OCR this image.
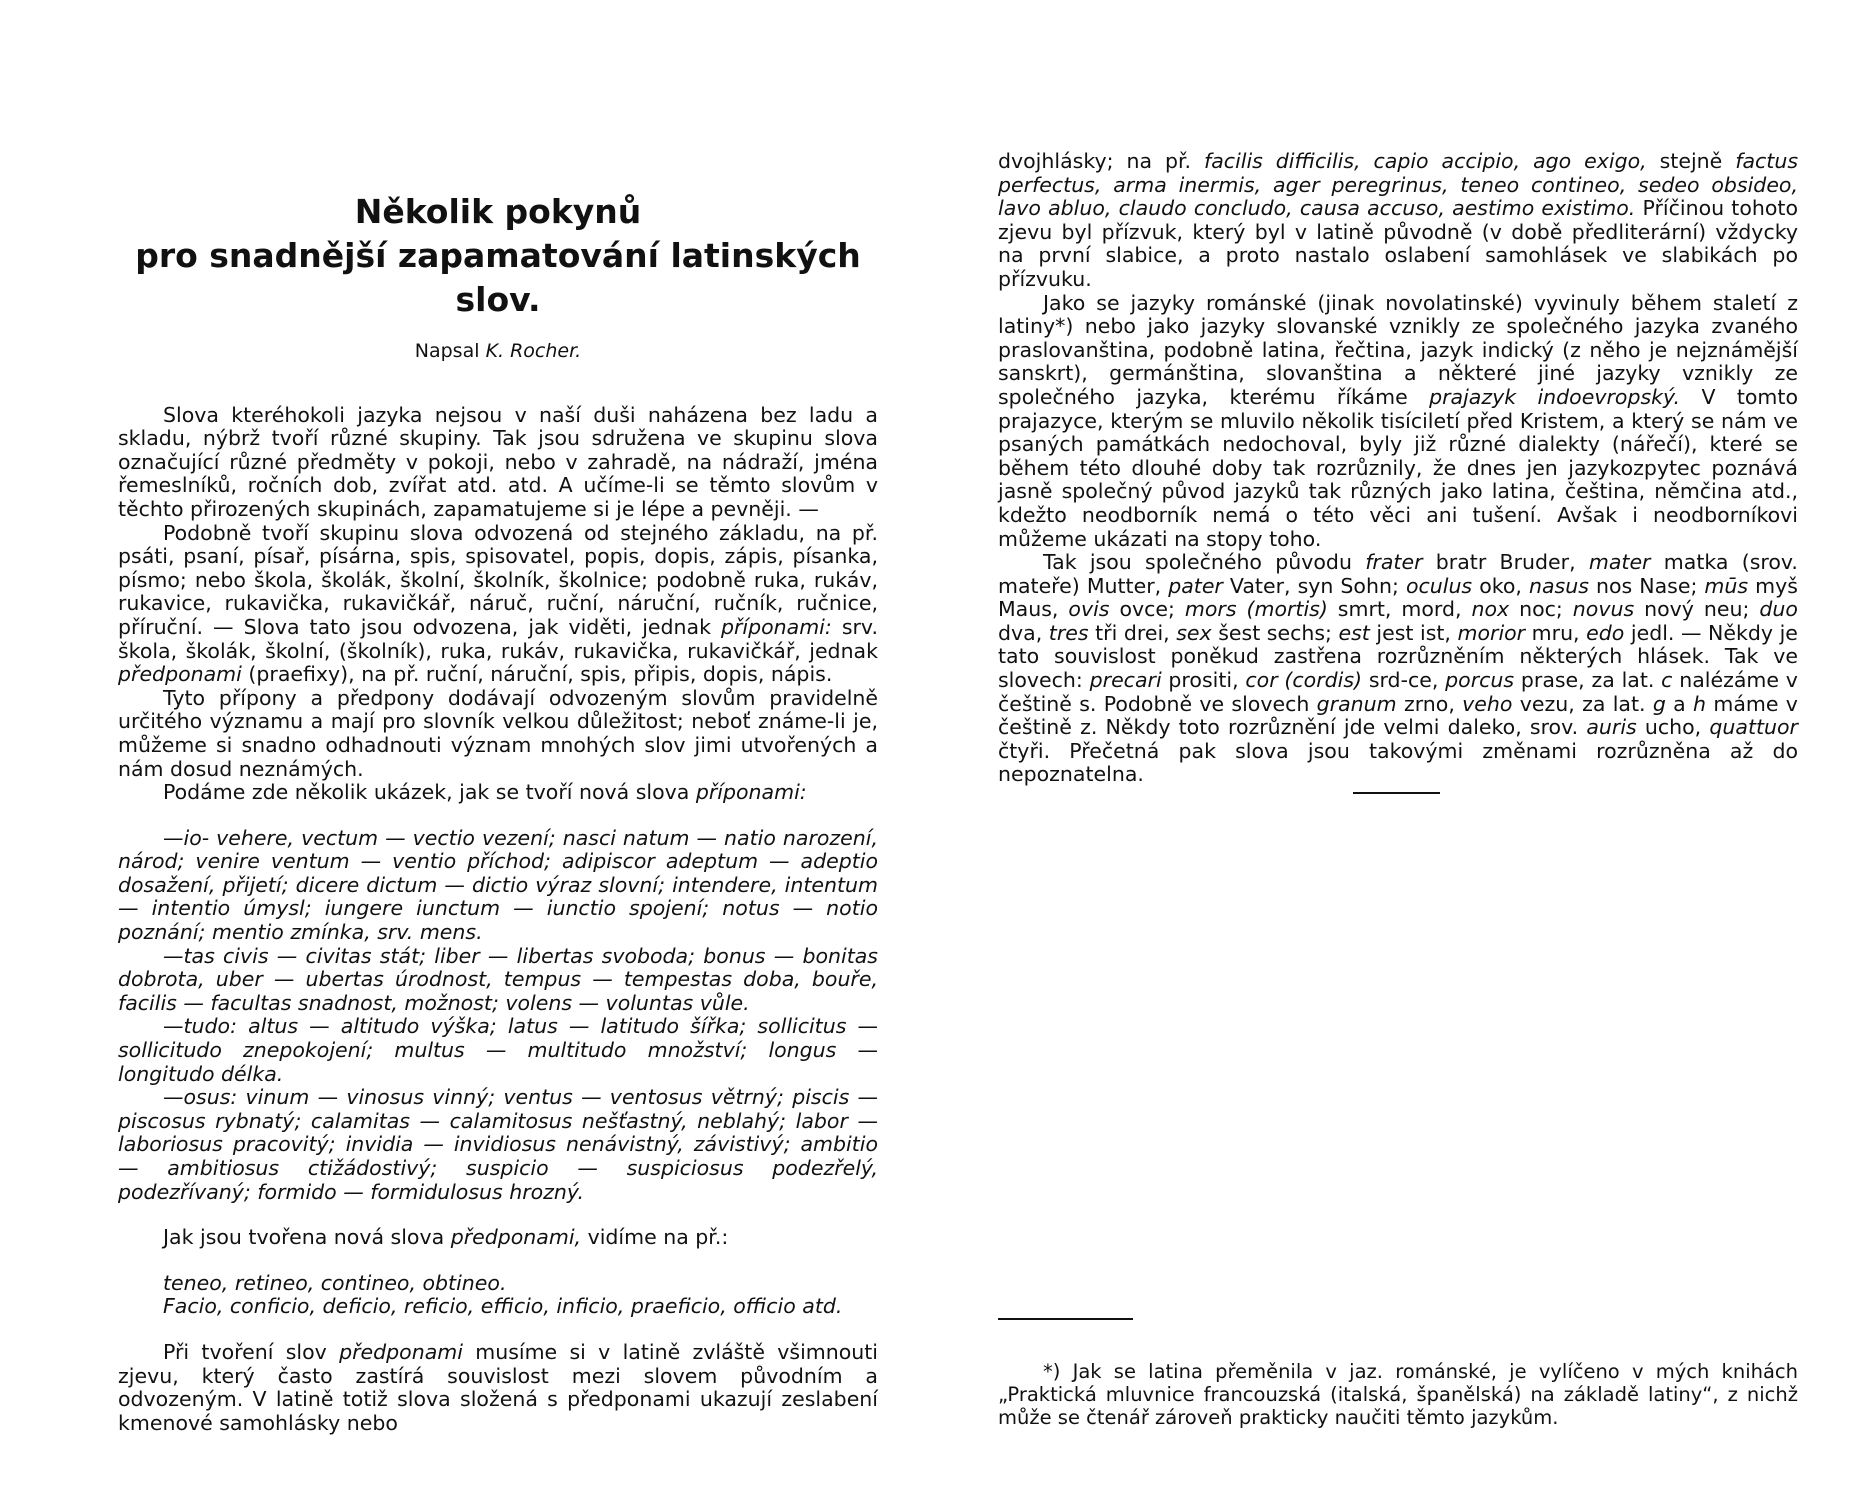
Několik pokynů
pro snadnější zapamatování latinských slov.
Napsal K. Rocher.

Slova kteréhokoli jazyka nejsou v naší duši naházena bez ladu a skladu, nýbrž tvoří různé skupiny. Tak jsou sdružena ve skupinu slova označující různé předměty v pokoji, nebo v zahradě, na nádraží, jména řemeslníků, ročních dob, zvířat atd. atd. A učíme-li se těmto slovům v těchto přirozených skupinách, zapamatujeme si je lépe a pevněji. —

Podobně tvoří skupinu slova odvozená od stejného základu, na př. psáti, psaní, písař, písárna, spis, spisovatel, popis, dopis, zápis, písanka, písmo; nebo škola, školák, školní, školník, školnice; podobně ruka, rukáv, rukavice, rukavička, rukavičkář, náruč, ruční, náruční, ručník, ručnice, příruční. — Slova tato jsou odvozena, jak viděti, jednak příponami: srv. škola, školák, školní, (školník), ruka, rukáv, rukavička, rukavičkář, jednak předponami (praefixy), na př. ruční, náruční, spis, připis, dopis, nápis.

Tyto přípony a předpony dodávají odvozeným slovům pravidelně určitého významu a mají pro slovník velkou důležitost; neboť známe-li je, můžeme si snadno odhadnouti význam mnohých slov jimi utvořených a nám dosud neznámých.

Podáme zde několik ukázek, jak se tvoří nová slova příponami:

—io- vehere, vectum — vectio vezení; nasci natum — natio narození, národ; venire ventum — ventio příchod; adipiscor adeptum — adeptio dosažení, přijetí; dicere dictum — dictio výraz slovní; intendere, intentum — intentio úmysl; iungere iunctum — iunctio spojení; notus — notio poznání; mentio zmínka, srv. mens.

—tas civis — civitas stát; liber — libertas svoboda; bonus — bonitas dobrota, uber — ubertas úrodnost, tempus — tempestas doba, bouře, facilis — facultas snadnost, možnost; volens — voluntas vůle.

—tudo: altus — altitudo výška; latus — latitudo šířka; sollicitus — sollicitudo znepokojení; multus — multitudo množství; longus — longitudo délka.

—osus: vinum — vinosus vinný; ventus — ventosus větrný; piscis — piscosus rybnatý; calamitas — calamitosus nešťastný, neblahý; labor — laboriosus pracovitý; invidia — invidiosus nenávistný, závistivý; ambitio — ambitiosus ctižádostivý; suspicio — suspiciosus podezřelý, podezřívaný; formido — formidulosus hrozný.

Jak jsou tvořena nová slova předponami, vidíme na př.:

teneo, retineo, contineo, obtineo.

Facio, conficio, deficio, reficio, efficio, inficio, praeficio, officio atd.

Při tvoření slov předponami musíme si v latině zvláště všimnouti zjevu, který často zastírá souvislost mezi slovem původním a odvozeným. V latině totiž slova složená s předponami ukazují zeslabení kmenové samohlásky nebo

dvojhlásky; na př. facilis difficilis, capio accipio, ago exigo, stejně factus perfectus, arma inermis, ager peregrinus, teneo contineo, sedeo obsideo, lavo abluo, claudo concludo, causa accuso, aestimo existimo. Příčinou tohoto zjevu byl přízvuk, který byl v latině původně (v době předliterární) vždycky na první slabice, a proto nastalo oslabení samohlásek ve slabikách po přízvuku.

Jako se jazyky románské (jinak novolatinské) vyvinuly během staletí z latiny*) nebo jako jazyky slovanské vznikly ze společného jazyka zvaného praslovanština, podobně latina, řečtina, jazyk indický (z něho je nejznámější sanskrt), germánština, slovanština a některé jiné jazyky vznikly ze společného jazyka, kterému říkáme prajazyk indoevropský. V tomto prajazyce, kterým se mluvilo několik tisíciletí před Kristem, a který se nám ve psaných památkách nedochoval, byly již různé dialekty (nářečí), které se během této dlouhé doby tak rozrůznily, že dnes jen jazykozpytec poznává jasně společný původ jazyků tak různých jako latina, čeština, němčina atd., kdežto neodborník nemá o této věci ani tušení. Avšak i neodborníkovi můžeme ukázati na stopy toho.

Tak jsou společného původu frater bratr Bruder, mater matka (srov. mateře) Mutter, pater Vater, syn Sohn; oculus oko, nasus nos Nase; mūs myš Maus, ovis ovce; mors (mortis) smrt, mord, nox noc; novus nový neu; duo dva, tres tři drei, sex šest sechs; est jest ist, morior mru, edo jedl. — Někdy je tato souvislost poněkud zastřena rozrůzněním některých hlásek. Tak ve slovech: precari prositi, cor (cordis) srd-ce, porcus prase, za lat. c nalézáme v češtině s. Podobně ve slovech granum zrno, veho vezu, za lat. g a h máme v češtině z. Někdy toto rozrůznění jde velmi daleko, srov. auris ucho, quattuor čtyři. Přečetná pak slova jsou takovými změnami rozrůzněna až do nepoznatelna.

*) Jak se latina přeměnila v jaz. románské, je vylíčeno v mých knihách „Praktická mluvnice francouzská (italská, španělská) na základě latiny“, z nichž může se čtenář zároveň prakticky naučiti těmto jazykům.
